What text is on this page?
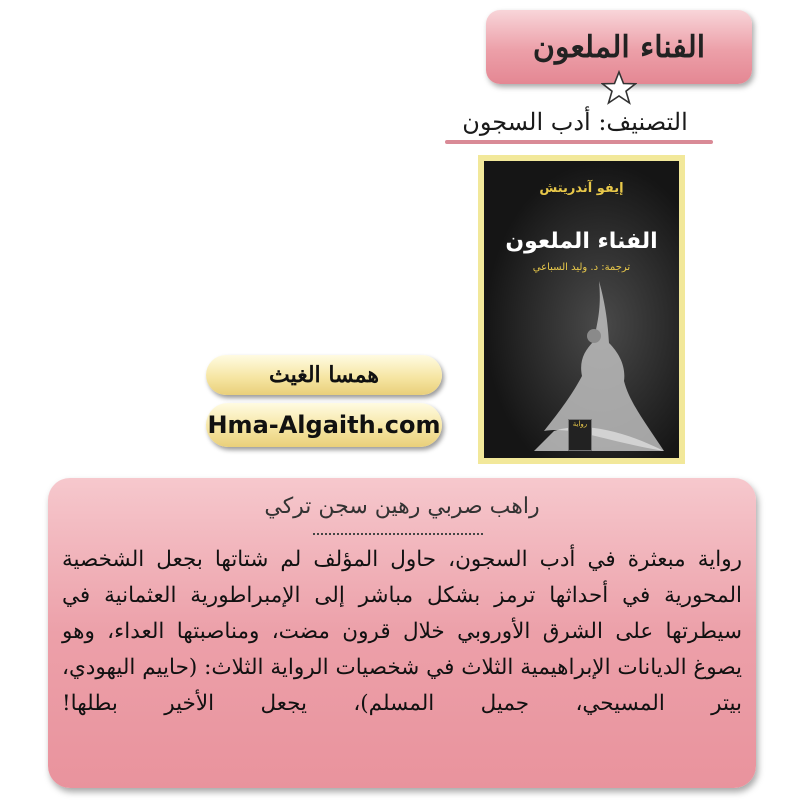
الفناء الملعون
التصنيف: أدب السجون
إيفو آندريتش
الفناء الملعون
ترجمة: د. وليد السباعي
رواية
همسا الغيث
Hma-Algaith.com
راهب صربي رهين سجن تركي
رواية مبعثرة في أدب السجون، حاول المؤلف لم شتاتها بجعل الشخصية المحورية في أحداثها ترمز بشكل مباشر إلى الإمبراطورية العثمانية في سيطرتها على الشرق الأوروبي خلال قرون مضت، ومناصبتها العداء، وهو يصوغ الديانات الإبراهيمية الثلاث في شخصيات الرواية الثلاث: (حاييم اليهودي، بيتر المسيحي، جميل المسلم)، يجعل الأخير بطلها!
